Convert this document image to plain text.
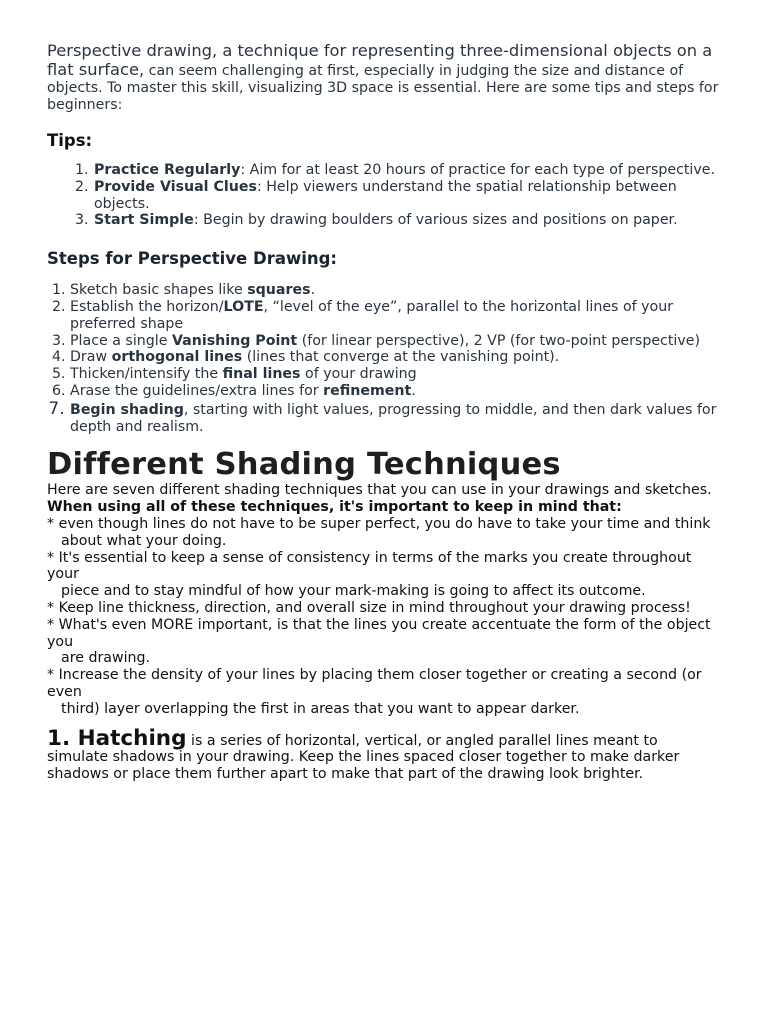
Perspective drawing, a technique for representing three-dimensional objects on a flat surface, can seem challenging at first, especially in judging the size and distance of objects. To master this skill, visualizing 3D space is essential. Here are some tips and steps for beginners:

Tips:
1. Practice Regularly: Aim for at least 20 hours of practice for each type of perspective.
2. Provide Visual Clues: Help viewers understand the spatial relationship between objects.
3. Start Simple: Begin by drawing boulders of various sizes and positions on paper.
Steps for Perspective Drawing:
1. Sketch basic shapes like squares.
2. Establish the horizon/LOTE, “level of the eye”, parallel to the horizontal lines of your preferred shape
3. Place a single Vanishing Point (for linear perspective), 2 VP (for two-point perspective)
4. Draw orthogonal lines (lines that converge at the vanishing point).
5. Thicken/intensify the final lines of your drawing
6. Arase the guidelines/extra lines for refinement.
7. Begin shading, starting with light values, progressing to middle, and then dark values for depth and realism.
Different Shading Techniques

Here are seven different shading techniques that you can use in your drawings and sketches.
When using all of these techniques, it's important to keep in mind that:

* even though lines do not have to be super perfect, you do have to take your time and think
about what your doing.
* It's essential to keep a sense of consistency in terms of the marks you create throughout your
piece and to stay mindful of how your mark-making is going to affect its outcome.
* Keep line thickness, direction, and overall size in mind throughout your drawing process!
* What's even MORE important, is that the lines you create accentuate the form of the object you
are drawing.
* Increase the density of your lines by placing them closer together or creating a second (or even
third) layer overlapping the first in areas that you want to appear darker.

1. Hatching is a series of horizontal, vertical, or angled parallel lines meant to simulate shadows in your drawing. Keep the lines spaced closer together to make darker shadows or place them further apart to make that part of the drawing look brighter.
